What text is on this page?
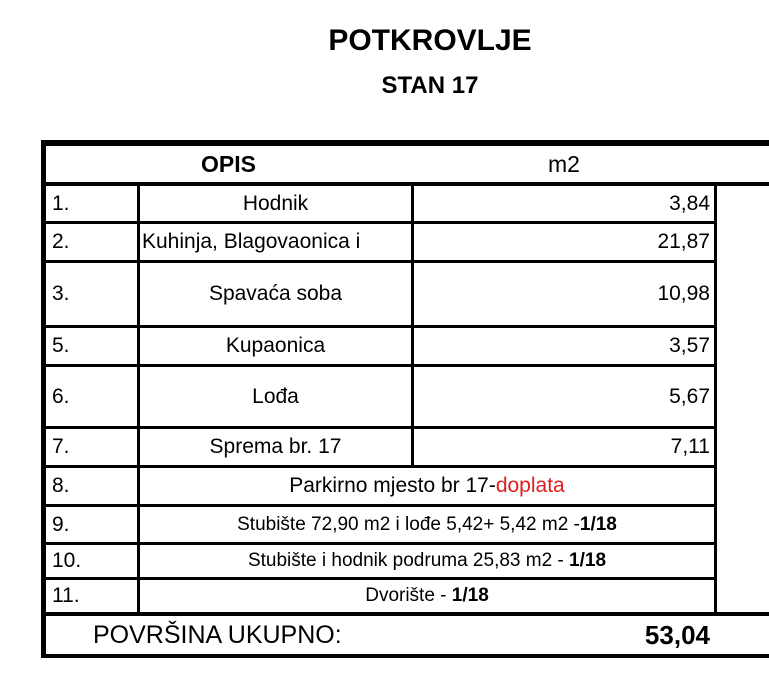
POTKROVLJE
STAN 17
OPIS	m2
1.	Hodnik	3,84
2.	Kuhinja, Blagovaonica i	21,87
3.	Spavaća soba	10,98
5.	Kupaonica	3,57
6.	Lođa	5,67
7.	Sprema br. 17	7,11
8.	Parkirno mjesto br 17- doplata
9.	Stubište 72,90 m2 i lođe 5,42+ 5,42 m2 - 1/18
10.	Stubište i hodnik podruma 25,83 m2 - 1/18
11.	Dvorište - 1/18
POVRŠINA UKUPNO:	53,04
